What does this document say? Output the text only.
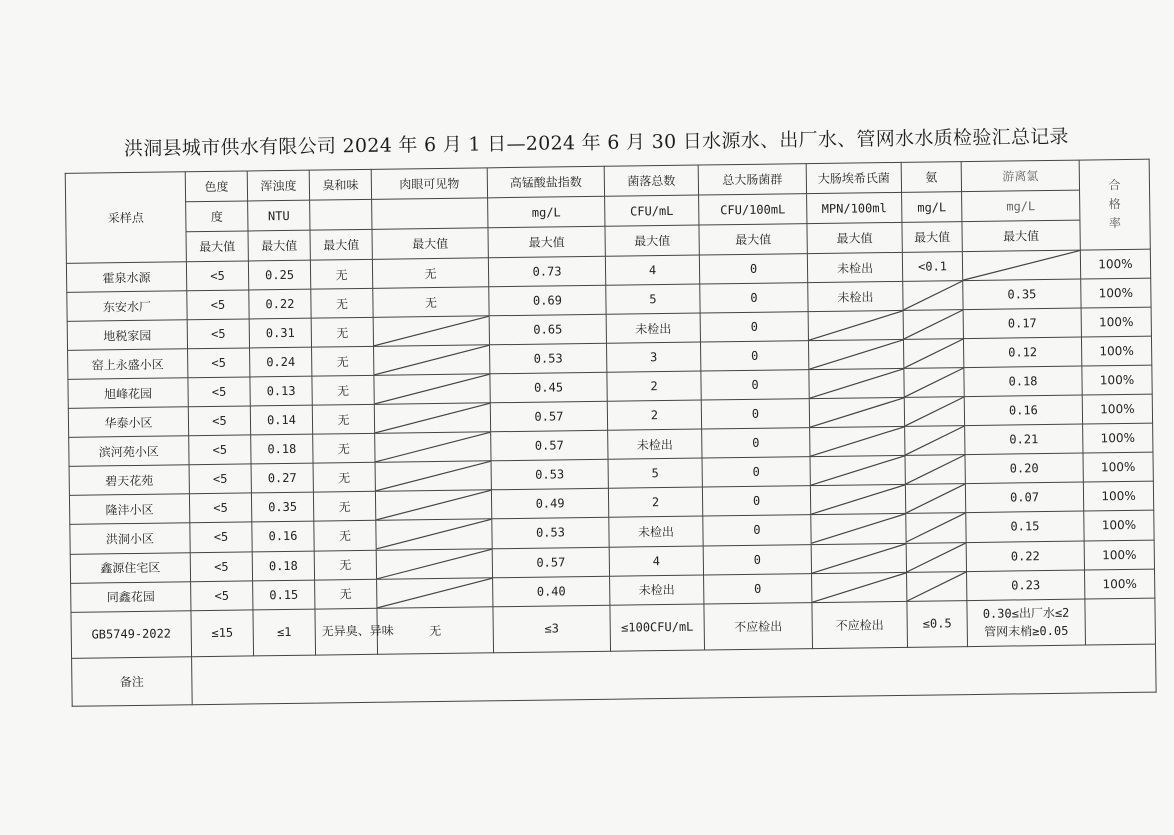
洪洞县城市供水有限公司 2024 年 6 月 1 日—2024 年 6 月 30 日水源水、出厂水、管网水水质检验汇总记录
采样点	色度	浑浊度	臭和味	肉眼可见物	高锰酸盐指数	菌落总数	总大肠菌群	大肠埃希氏菌	氨	游离氯	合
格
率

	度	NTU			mg/L	CFU/mL	CFU/100mL	MPN/100ml	mg/L	mg/L	
	最大值	最大值	最大值	最大值	最大值	最大值	最大值	最大值	最大值	最大值	
霍泉水源	<5	0.25	无	无	0.73	4	0	未检出	<0.1		100%
东安水厂	<5	0.22	无	无	0.69	5	0	未检出		0.35	100%
地税家园	<5	0.31	无		0.65	未检出	0			0.17	100%
窑上永盛小区	<5	0.24	无		0.53	3	0			0.12	100%
旭峰花园	<5	0.13	无		0.45	2	0			0.18	100%
华泰小区	<5	0.14	无		0.57	2	0			0.16	100%
滨河苑小区	<5	0.18	无		0.57	未检出	0			0.21	100%
碧天花苑	<5	0.27	无		0.53	5	0			0.20	100%
隆沣小区	<5	0.35	无		0.49	2	0			0.07	100%
洪洞小区	<5	0.16	无		0.53	未检出	0			0.15	100%
鑫源住宅区	<5	0.18	无		0.57	4	0			0.22	100%
同鑫花园	<5	0.15	无		0.40	未检出	0			0.23	100%
GB5749-2022	≤15	≤1	无异臭、异味	无	≤3	≤100CFU/mL	不应检出	不应检出	≤0.5	0.30≤出厂水≤2
管网末梢≥0.05	

备注											
